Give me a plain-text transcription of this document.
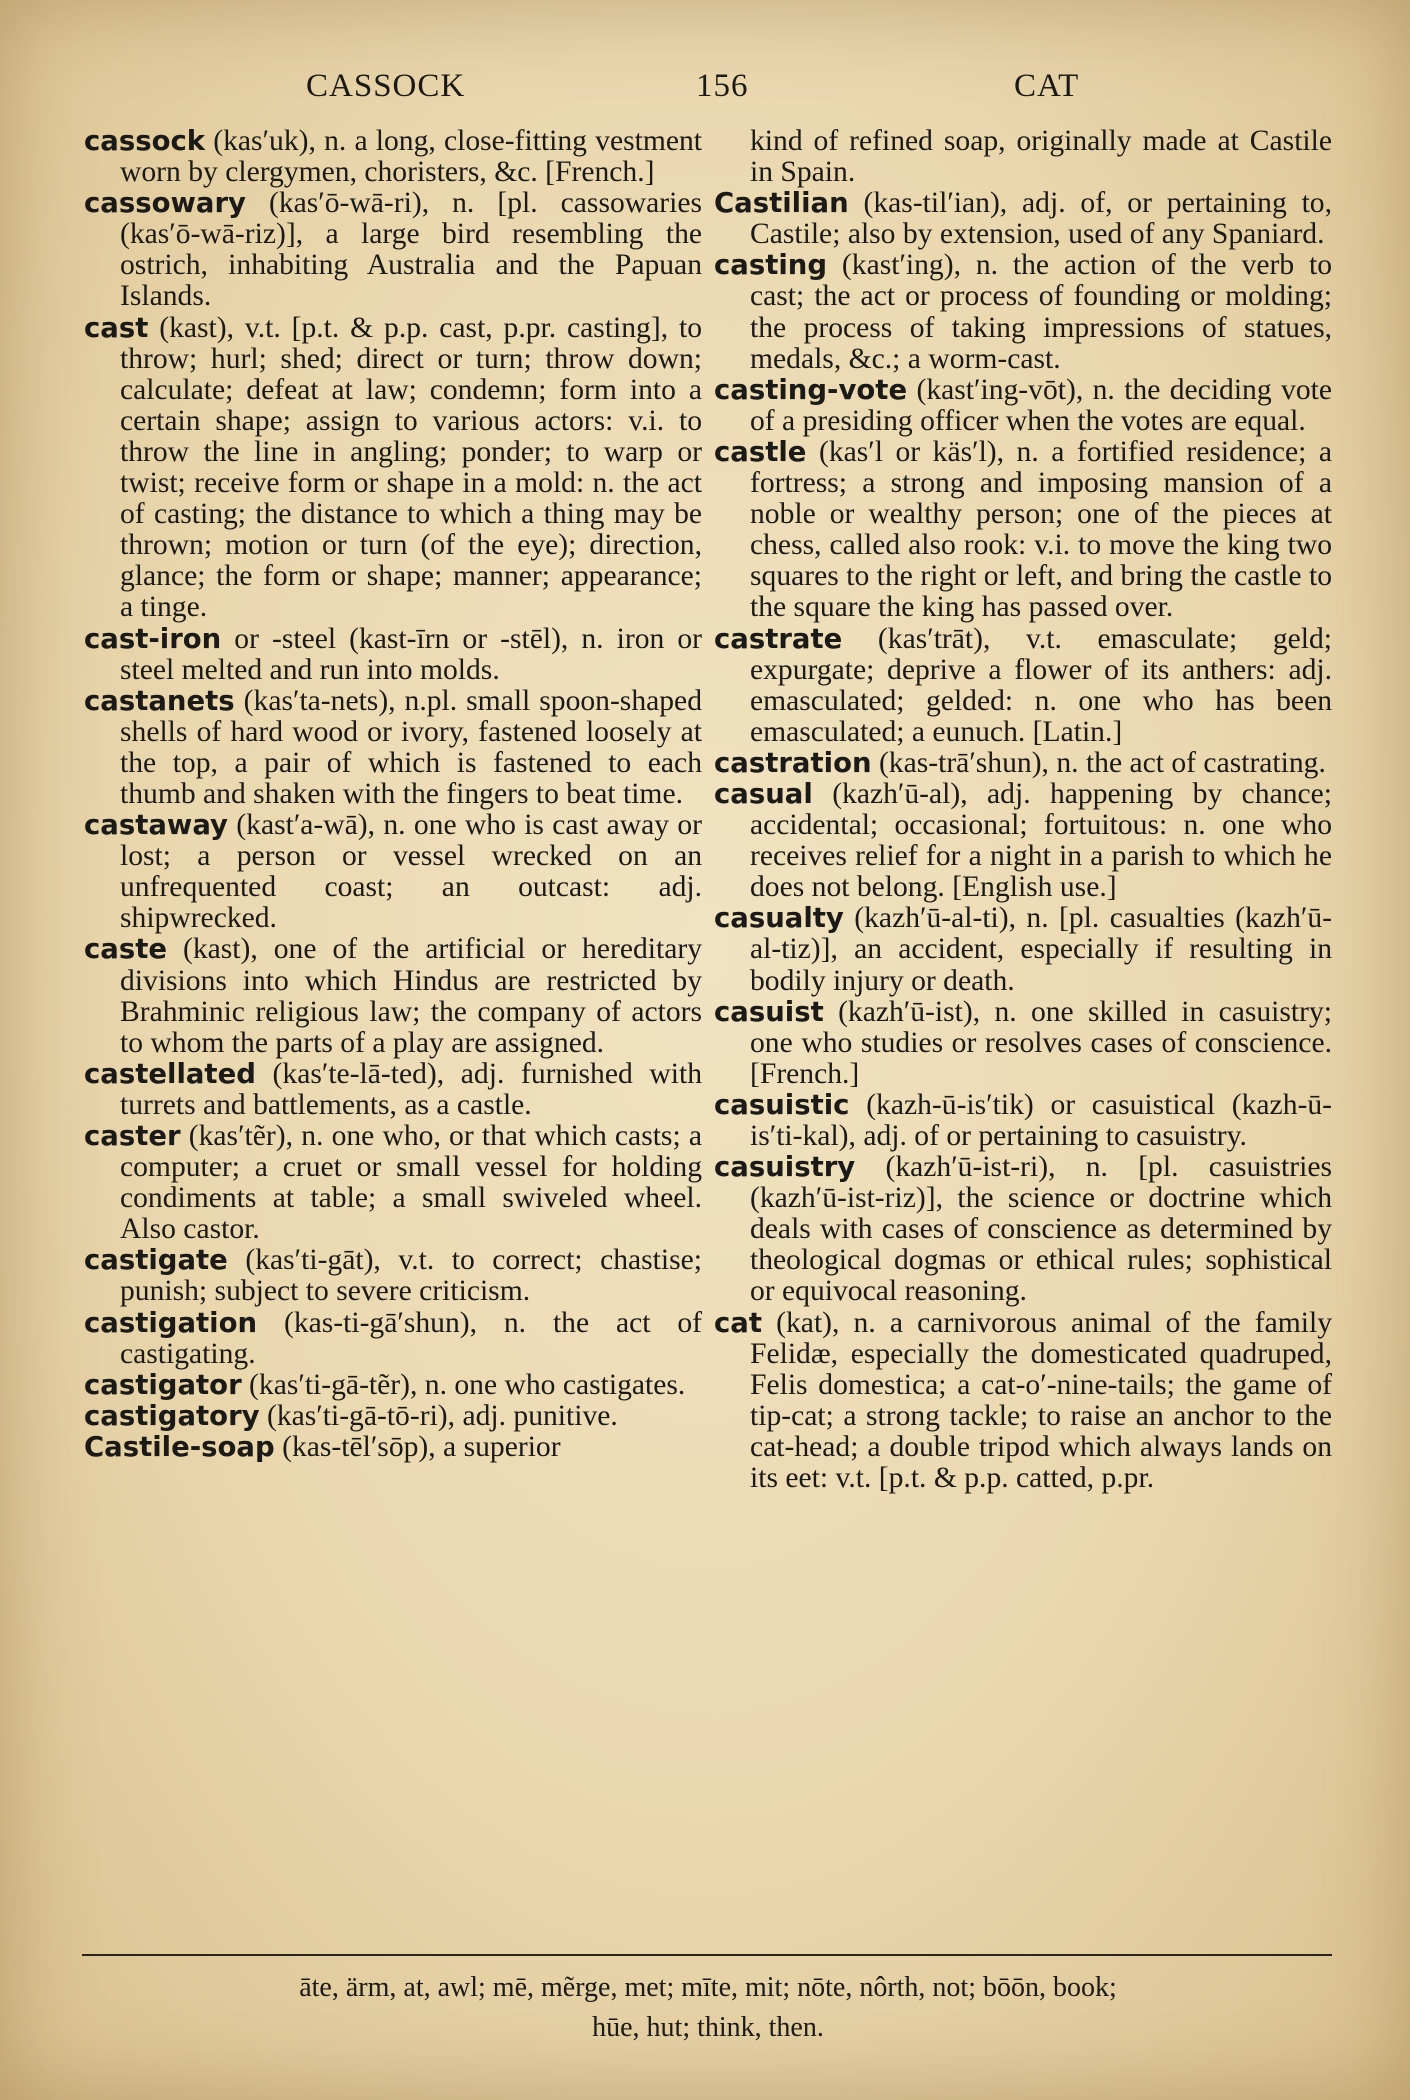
CASSOCK	156	CAT

cassock (kas′uk), n. a long, close-fitting vestment worn by clergymen, choristers, &c. [French.]

cassowary (kas′ō-wā-ri), n. [pl. cassowaries (kas′ō-wā-riz)], a large bird resembling the ostrich, inhabiting Australia and the Papuan Islands.

cast (kast), v.t. [p.t. & p.p. cast, p.pr. casting], to throw; hurl; shed; direct or turn; throw down; calculate; defeat at law; condemn; form into a certain shape; assign to various actors: v.i. to throw the line in angling; ponder; to warp or twist; receive form or shape in a mold: n. the act of casting; the distance to which a thing may be thrown; motion or turn (of the eye); direction, glance; the form or shape; manner; appearance; a tinge.

cast-iron or -steel (kast-īrn or -stēl), n. iron or steel melted and run into molds.

castanets (kas′ta-nets), n.pl. small spoon-shaped shells of hard wood or ivory, fastened loosely at the top, a pair of which is fastened to each thumb and shaken with the fingers to beat time.

castaway (kast′a-wā), n. one who is cast away or lost; a person or vessel wrecked on an unfrequented coast; an outcast: adj. shipwrecked.

caste (kast), one of the artificial or hereditary divisions into which Hindus are restricted by Brahminic religious law; the company of actors to whom the parts of a play are assigned.

castellated (kas′te-lā-ted), adj. furnished with turrets and battlements, as a castle.

caster (kas′tẽr), n. one who, or that which casts; a computer; a cruet or small vessel for holding condiments at table; a small swiveled wheel. Also castor.

castigate (kas′ti-gāt), v.t. to correct; chastise; punish; subject to severe criticism.

castigation (kas-ti-gā′shun), n. the act of castigating.

castigator (kas′ti-gā-tẽr), n. one who castigates.

castigatory (kas′ti-gā-tō-ri), adj. punitive.

Castile-soap (kas-tēl′sōp), a superior

kind of refined soap, originally made at Castile in Spain.

Castilian (kas-til′ian), adj. of, or pertaining to, Castile; also by extension, used of any Spaniard.

casting (kast′ing), n. the action of the verb to cast; the act or process of founding or molding; the process of taking impressions of statues, medals, &c.; a worm-cast.

casting-vote (kast′ing-vōt), n. the deciding vote of a presiding officer when the votes are equal.

castle (kas′l or käs′l), n. a fortified residence; a fortress; a strong and imposing mansion of a noble or wealthy person; one of the pieces at chess, called also rook: v.i. to move the king two squares to the right or left, and bring the castle to the square the king has passed over.

castrate (kas′trāt), v.t. emasculate; geld; expurgate; deprive a flower of its anthers: adj. emasculated; gelded: n. one who has been emasculated; a eunuch. [Latin.]

castration (kas-trā′shun), n. the act of castrating.

casual (kazh′ū-al), adj. happening by chance; accidental; occasional; fortuitous: n. one who receives relief for a night in a parish to which he does not belong. [English use.]

casualty (kazh′ū-al-ti), n. [pl. casualties (kazh′ū-al-tiz)], an accident, especially if resulting in bodily injury or death.

casuist (kazh′ū-ist), n. one skilled in casuistry; one who studies or resolves cases of conscience. [French.]

casuistic (kazh-ū-is′tik) or casuistical (kazh-ū-is′ti-kal), adj. of or pertaining to casuistry.

casuistry (kazh′ū-ist-ri), n. [pl. casuistries (kazh′ū-ist-riz)], the science or doctrine which deals with cases of conscience as determined by theological dogmas or ethical rules; sophistical or equivocal reasoning.

cat (kat), n. a carnivorous animal of the family Felidæ, especially the domesticated quadruped, Felis domestica; a cat-o′-nine-tails; the game of tip-cat; a strong tackle; to raise an anchor to the cat-head; a double tripod which always lands on its eet: v.t. [p.t. & p.p. catted, p.pr.

āte, ärm, at, awl; mē, mẽrge, met; mīte, mit; nōte, nôrth, not; bōōn, book;
hūe, hut; think, then.
